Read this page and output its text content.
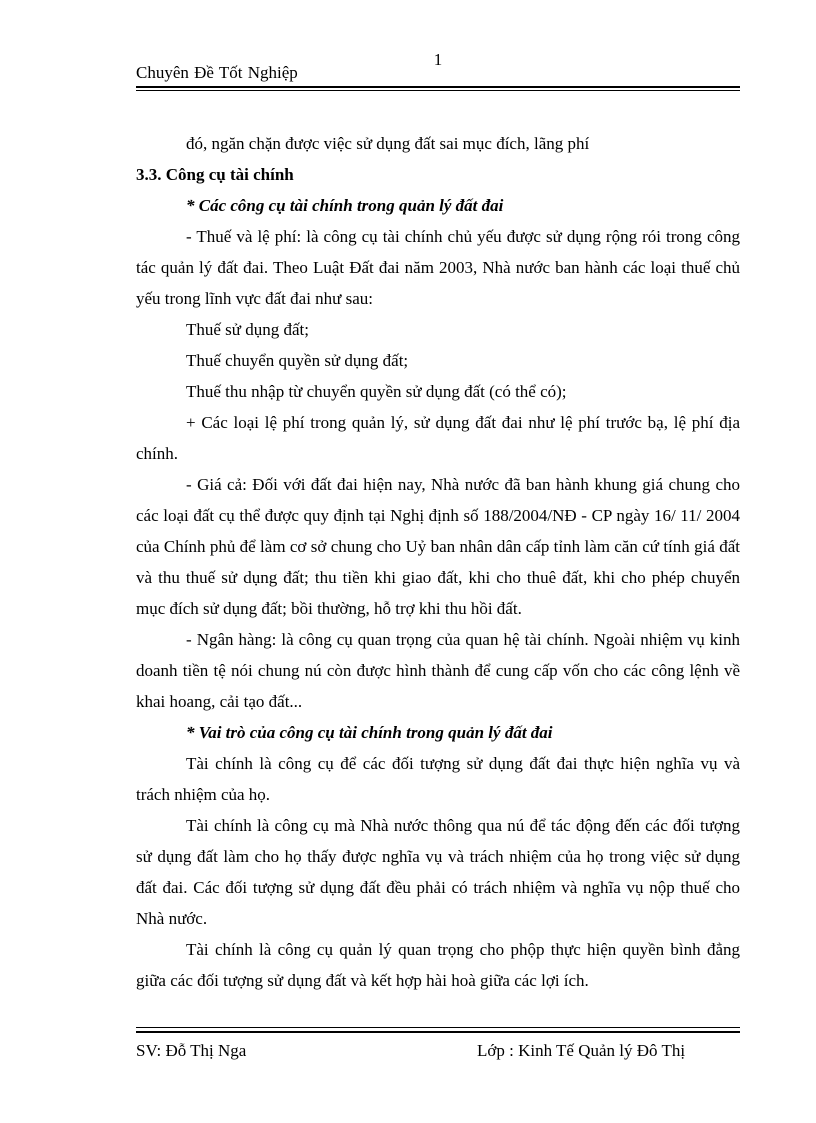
1
Chuyên Đề Tốt Nghiệp

đó, ngăn chặn được việc sử dụng đất sai mục đích, lãng phí

3.3. Công cụ tài chính

* Các công cụ tài chính trong quản lý đất đai

- Thuế và lệ phí: là công cụ tài chính chủ yếu được sử dụng rộng rói trong công tác quản lý đất đai. Theo Luật Đất đai năm 2003, Nhà nước ban hành các loại thuế chủ yếu trong lĩnh vực đất đai như sau:

Thuế sử dụng đất;

Thuế chuyển quyền sử dụng đất;

Thuế thu nhập từ chuyển quyền sử dụng đất (có thể có);

+ Các loại lệ phí trong quản lý, sử dụng đất đai như lệ phí trước bạ, lệ phí địa chính.

- Giá cả: Đối với đất đai hiện nay, Nhà nước đã ban hành khung giá chung cho các loại đất cụ thể được quy định tại Nghị định số 188/2004/NĐ - CP ngày 16/ 11/ 2004 của Chính phủ để làm cơ sở chung cho Uỷ ban nhân dân cấp tỉnh làm căn cứ tính giá đất và thu thuế sử dụng đất; thu tiền khi giao đất, khi cho thuê đất, khi cho phép chuyển mục đích sử dụng đất; bồi thường, hỗ trợ khi thu hồi đất.

- Ngân hàng: là công cụ quan trọng của quan hệ tài chính. Ngoài nhiệm vụ kinh doanh tiền tệ nói chung nú còn được hình thành để cung cấp vốn cho các công lệnh về khai hoang, cải tạo đất...

* Vai trò của công cụ tài chính trong quản lý đất đai

Tài chính là công cụ để các đối tượng sử dụng đất đai thực hiện nghĩa vụ và trách nhiệm của họ.

Tài chính là công cụ mà Nhà nước thông qua nú để tác động đến các đối tượng sử dụng đất làm cho họ thấy được nghĩa vụ và trách nhiệm của họ trong việc sử dụng đất đai. Các đối tượng sử dụng đất đều phải có trách nhiệm và nghĩa vụ nộp thuế cho Nhà nước.

Tài chính là công cụ quản lý quan trọng cho phộp thực hiện quyền bình đẳng giữa các đối tượng sử dụng đất và kết hợp hài hoà giữa các lợi ích.

SV: Đỗ Thị Nga	Lớp : Kinh Tế Quản lý Đô Thị
